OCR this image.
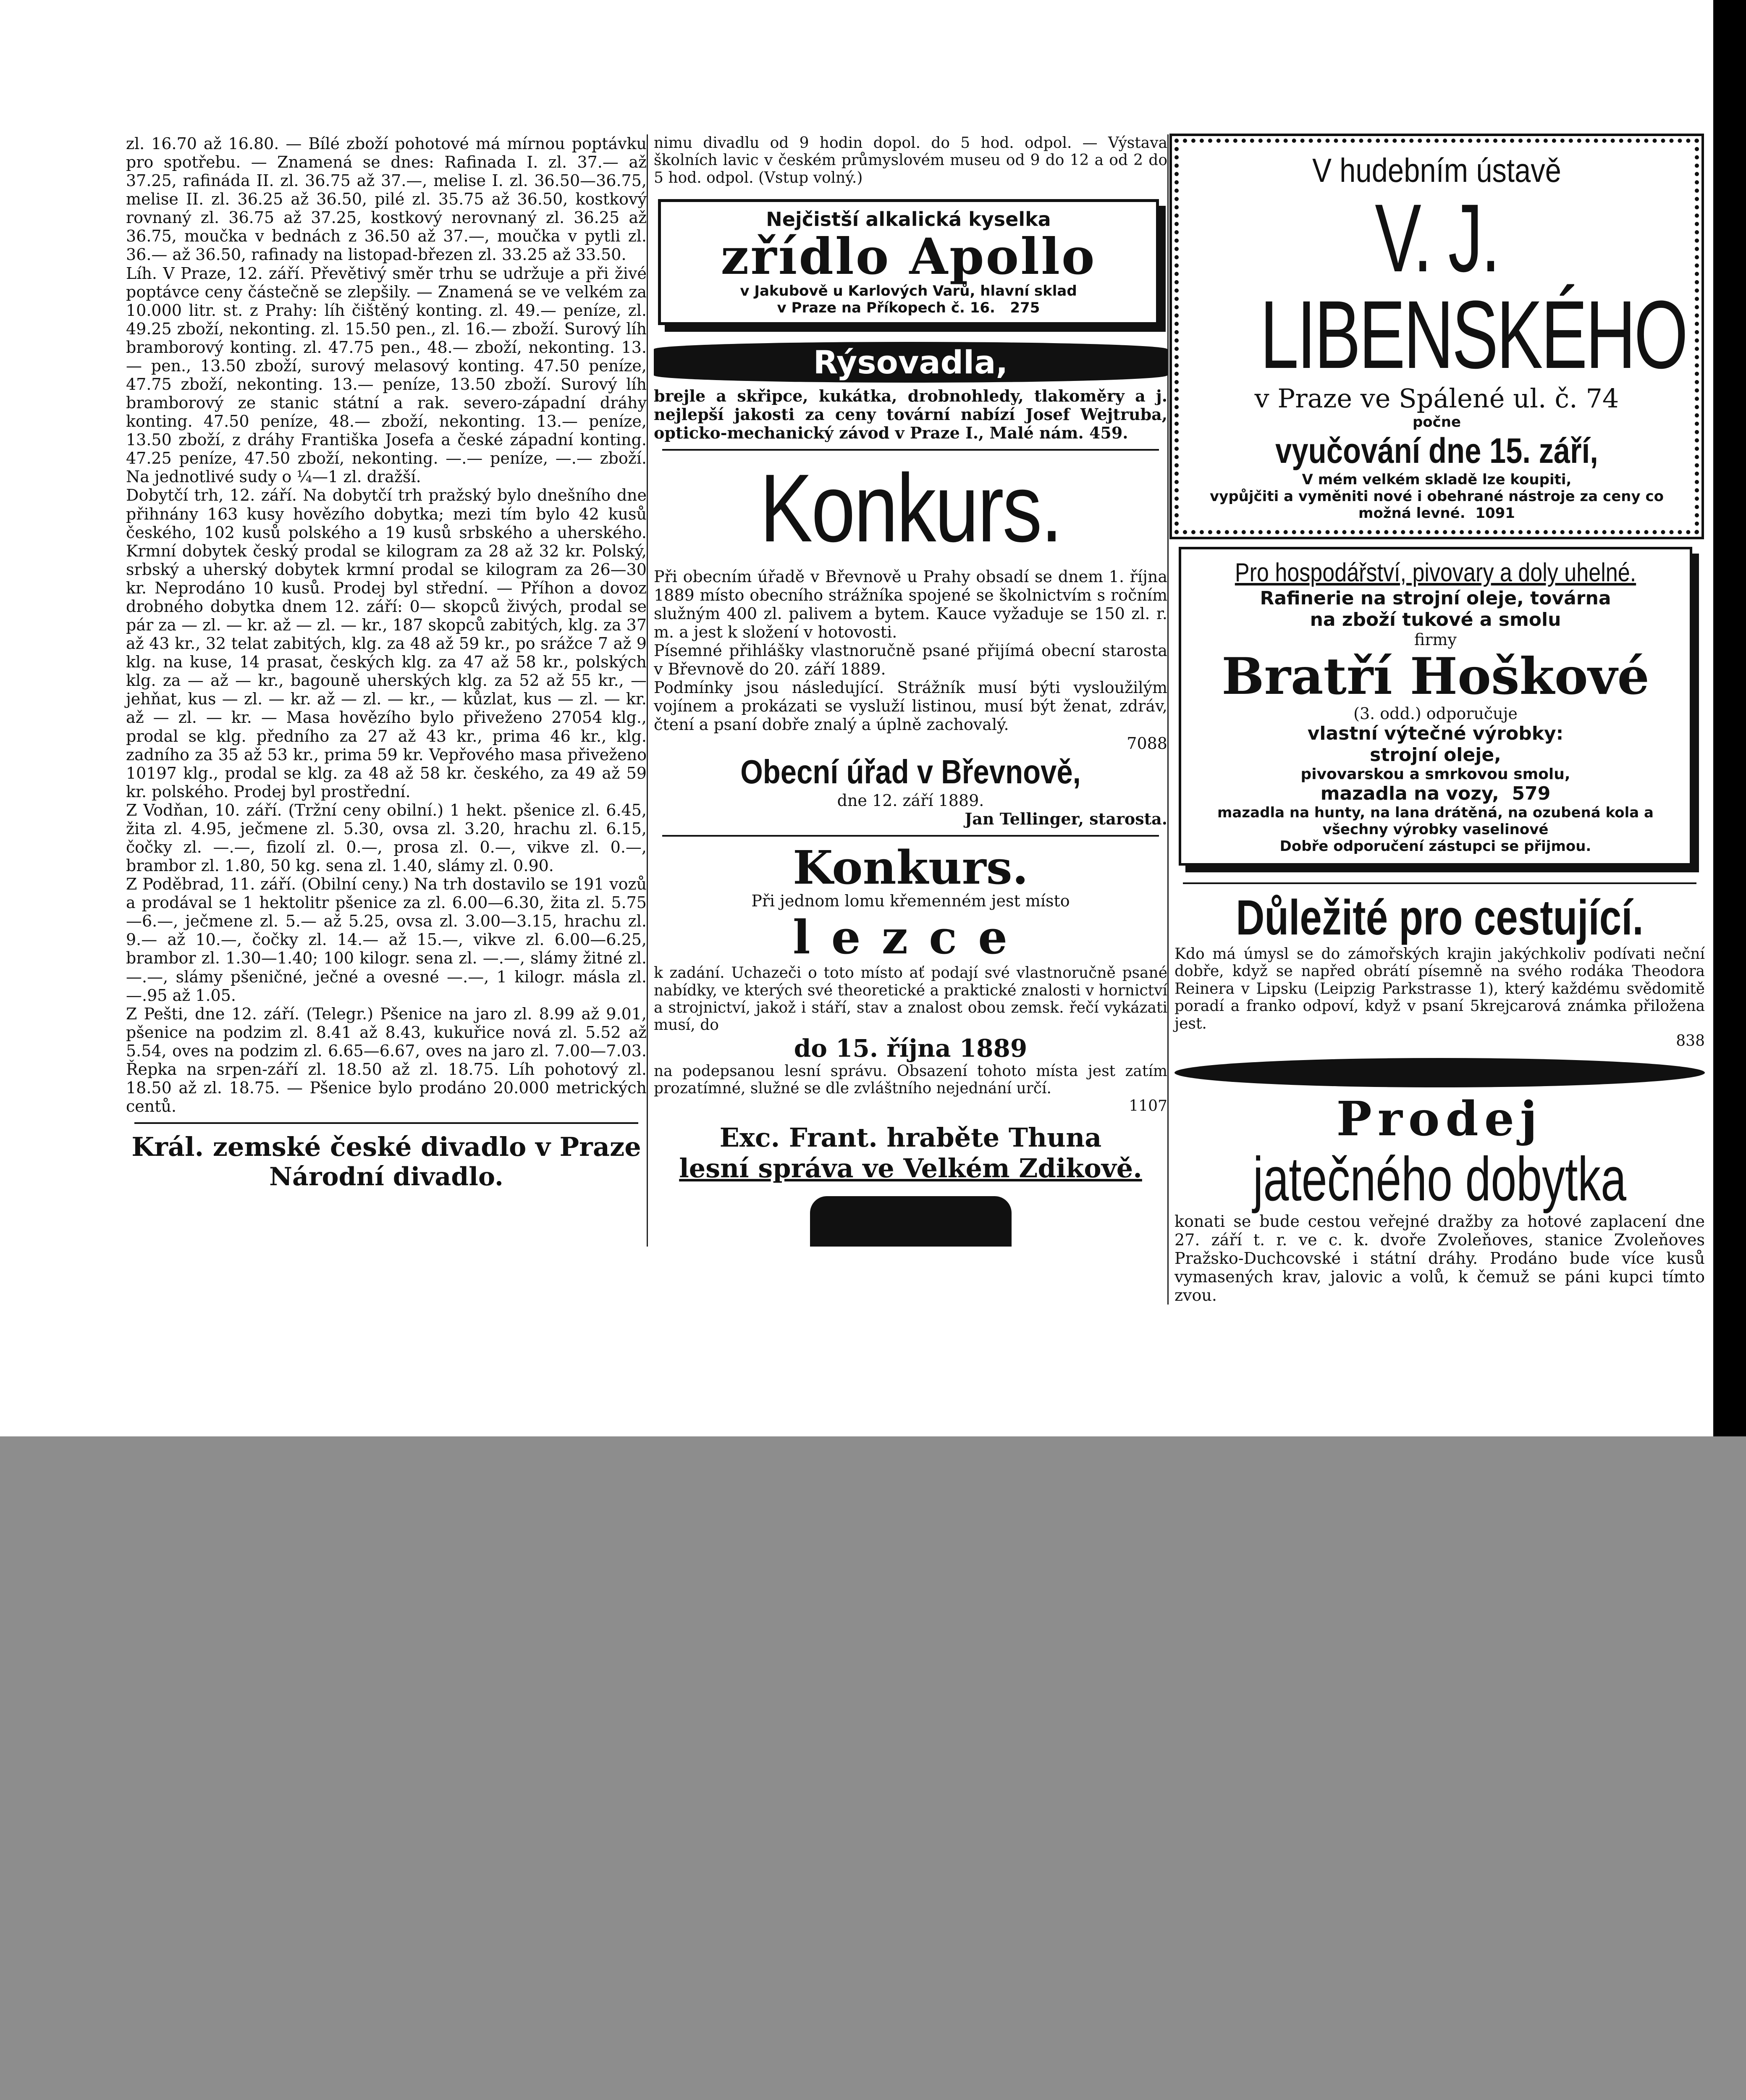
zl. 16.70 až 16.80. — Bílé zboží pohotové má mírnou poptávku pro spotřebu. — Znamená se dnes: Rafinada I. zl. 37.— až 37.25, rafináda II. zl. 36.75 až 37.—, melise I. zl. 36.50—36.75, melise II. zl. 36.25 až 36.50, pilé zl. 35.75 až 36.50, kostkový rovnaný zl. 36.75 až 37.25, kostkový nerovnaný zl. 36.25 až 36.75, moučka v bednách z 36.50 až 37.—, moučka v pytli zl. 36.— až 36.50, rafinady na listopad-březen zl. 33.25 až 33.50.

Líh. V Praze, 12. září. Převětivý směr trhu se udržuje a při živé poptávce ceny částečně se zlepšily. — Znamená se ve velkém za 10.000 litr. st. z Prahy: líh čištěný konting. zl. 49.— peníze, zl. 49.25 zboží, nekonting. zl. 15.50 pen., zl. 16.— zboží. Surový líh bramborový konting. zl. 47.75 pen., 48.— zboží, nekonting. 13.— pen., 13.50 zboží, surový melasový konting. 47.50 peníze, 47.75 zboží, nekonting. 13.— peníze, 13.50 zboží. Surový líh bramborový ze stanic státní a rak. severo-západní dráhy konting. 47.50 peníze, 48.— zboží, nekonting. 13.— peníze, 13.50 zboží, z dráhy Františka Josefa a české západní konting. 47.25 peníze, 47.50 zboží, nekonting. —.— peníze, —.— zboží. Na jednotlivé sudy o ¼—1 zl. dražší.

Dobytčí trh, 12. září. Na dobytčí trh pražský bylo dnešního dne přihnány 163 kusy hovězího dobytka; mezi tím bylo 42 kusů českého, 102 kusů polského a 19 kusů srbského a uherského. Krmní dobytek český prodal se kilogram za 28 až 32 kr. Polský, srbský a uherský dobytek krmní prodal se kilogram za 26—30 kr. Neprodáno 10 kusů. Prodej byl střední. — Příhon a dovoz drobného dobytka dnem 12. září: 0— skopců živých, prodal se pár za — zl. — kr. až — zl. — kr., 187 skopců zabitých, klg. za 37 až 43 kr., 32 telat zabitých, klg. za 48 až 59 kr., po srážce 7 až 9 klg. na kuse, 14 prasat, českých klg. za 47 až 58 kr., polských klg. za — až — kr., bagouně uherských klg. za 52 až 55 kr., — jehňat, kus — zl. — kr. až — zl. — kr., — kůzlat, kus — zl. — kr. až — zl. — kr. — Masa hovězího bylo přiveženo 27054 klg., prodal se klg. předního za 27 až 43 kr., prima 46 kr., klg. zadního za 35 až 53 kr., prima 59 kr. Vepřového masa přiveženo 10197 klg., prodal se klg. za 48 až 58 kr. českého, za 49 až 59 kr. polského. Prodej byl prostřední.

Z Vodňan, 10. září. (Tržní ceny obilní.) 1 hekt. pšenice zl. 6.45, žita zl. 4.95, ječmene zl. 5.30, ovsa zl. 3.20, hrachu zl. 6.15, čočky zl. —.—, fizolí zl. 0.—, prosa zl. 0.—, vikve zl. 0.—, brambor zl. 1.80, 50 kg. sena zl. 1.40, slámy zl. 0.90.

Z Poděbrad, 11. září. (Obilní ceny.) Na trh dostavilo se 191 vozů a prodával se 1 hektolitr pšenice za zl. 6.00—6.30, žita zl. 5.75—6.—, ječmene zl. 5.— až 5.25, ovsa zl. 3.00—3.15, hrachu zl. 9.— až 10.—, čočky zl. 14.— až 15.—, vikve zl. 6.00—6.25, brambor zl. 1.30—1.40; 100 kilogr. sena zl. —.—, slámy žitné zl. —.—, slámy pšeničné, ječné a ovesné —.—, 1 kilogr. másla zl. —.95 až 1.05.

Z Pešti, dne 12. září. (Telegr.) Pšenice na jaro zl. 8.99 až 9.01, pšenice na podzim zl. 8.41 až 8.43, kukuřice nová zl. 5.52 až 5.54, oves na podzim zl. 6.65—6.67, oves na jaro zl. 7.00—7.03. Řepka na srpen-září zl. 18.50 až zl. 18.75. Líh pohotový zl. 18.50 až zl. 18.75. — Pšenice bylo prodáno 20.000 metrických centů.

Král. zemské české divadlo v Praze
Národní divadlo.

nimu divadlu od 9 hodin dopol. do 5 hod. odpol. — Výstava školních lavic v českém průmyslovém museu od 9 do 12 a od 2 do 5 hod. odpol. (Vstup volný.)

Nejčistší alkalická kyselka
zřídlo Apollo
v Jakubově u Karlových Varů, hlavní sklad
v Praze na Příkopech č. 16. 275
Rýsovadla,

brejle a skřipce, kukátka, drobnohledy, tlakoměry a j. nejlepší jakosti za ceny tovární nabízí Josef Wejtruba, opticko-mechanický závod v Praze I., Malé nám. 459.

Konkurs.

Při obecním úřadě v Břevnově u Prahy obsadí se dnem 1. října 1889 místo obecního strážníka spojené se školnictvím s ročním služným 400 zl. palivem a bytem. Kauce vyžaduje se 150 zl. r. m. a jest k složení v hotovosti.

Písemné přihlášky vlastnoručně psané přijímá obecní starosta v Břevnově do 20. září 1889.

Podmínky jsou následující. Strážník musí býti vysloužilým vojínem a prokázati se vysluží listinou, musí být ženat, zdráv, čtení a psaní dobře znalý a úplně zachovalý.

7088

Obecní úřad v Břevnově,
dne 12. září 1889.
Jan Tellinger, starosta.
Konkurs.
Při jednom lomu křemenném jest místo
lezce

k zadání. Uchazeči o toto místo ať podají své vlastnoručně psané nabídky, ve kterých své theoretické a praktické znalosti v hornictví a strojnictví, jakož i stáří, stav a znalost obou zemsk. řečí vykázati musí, do

do 15. října 1889

na podepsanou lesní správu. Obsazení tohoto místa jest zatím prozatímné, služné se dle zvláštního nejednání určí.

1107

Exc. Frant. hraběte Thuna
lesní správa ve Velkém Zdikově.
V hudebním ústavě
V. J. LIBENSKÉHO
v Praze ve Spálené ul. č. 74
počne
vyučování dne 15. září,
V mém velkém skladě lze koupiti,
vypůjčiti a vyměniti nové i obehrané nástroje za ceny co možná levné. 1091
Pro hospodářství, pivovary a doly uhelné.
Rafinerie na strojní oleje, továrna
na zboží tukové a smolu
firmy
Bratří Hoškové
(3. odd.) odporučuje
vlastní výtečné výrobky:
strojní oleje,
pivovarskou a smrkovou smolu,
mazadla na vozy, 579
mazadla na hunty, na lana drátěná, na ozubená kola a všechny výrobky vaselinové
Dobře odporučení zástupci se přijmou.
Důležité pro cestující.

Kdo má úmysl se do zámořských krajin jakýchkoliv podívati neční dobře, když se napřed obrátí písemně na svého rodáka Theodora Reinera v Lipsku (Leipzig Parkstrasse 1), který každému svědomitě poradí a franko odpoví, když v psaní 5krejcarová známka přiložena jest.

838

Prodej
jatečného dobytka

konati se bude cestou veřejné dražby za hotové zaplacení dne 27. září t. r. ve c. k. dvoře Zvoleňoves, stanice Zvoleňoves Pražsko-Duchcovské i státní dráhy. Prodáno bude více kusů vymasených krav, jalovic a volů, k čemuž se páni kupci tímto zvou.
